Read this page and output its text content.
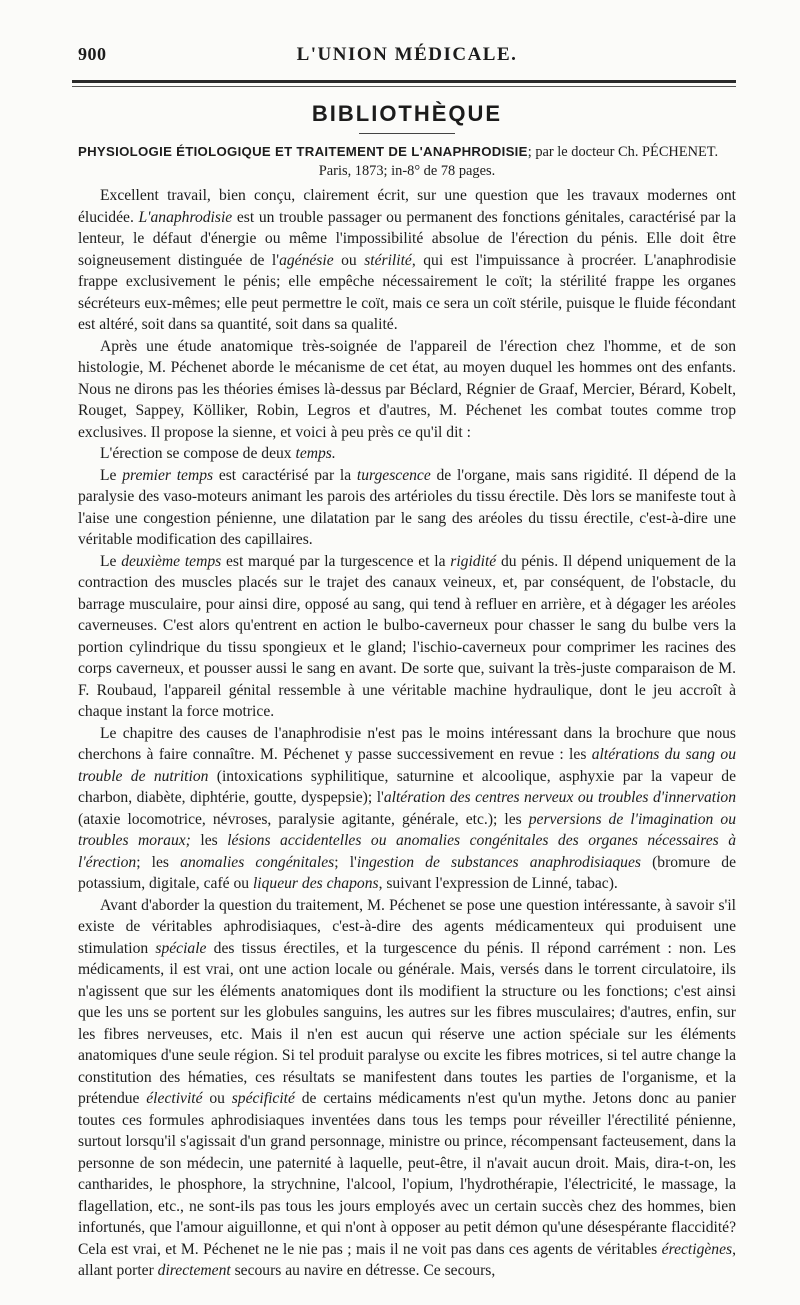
900	L'UNION MÉDICALE.
BIBLIOTHÈQUE
PHYSIOLOGIE ÉTIOLOGIQUE ET TRAITEMENT DE L'ANAPHRODISIE; par le docteur Ch. PÉCHENET.
Paris, 1873; in-8° de 78 pages.

Excellent travail, bien conçu, clairement écrit, sur une question que les travaux modernes ont élucidée. L'anaphrodisie est un trouble passager ou permanent des fonctions génitales, caractérisé par la lenteur, le défaut d'énergie ou même l'impossibilité absolue de l'érection du pénis. Elle doit être soigneusement distinguée de l'agénésie ou stérilité, qui est l'impuissance à procréer. L'anaphrodisie frappe exclusivement le pénis; elle empêche nécessairement le coït; la stérilité frappe les organes sécréteurs eux-mêmes; elle peut permettre le coït, mais ce sera un coït stérile, puisque le fluide fécondant est altéré, soit dans sa quantité, soit dans sa qualité.

Après une étude anatomique très-soignée de l'appareil de l'érection chez l'homme, et de son histologie, M. Péchenet aborde le mécanisme de cet état, au moyen duquel les hommes ont des enfants. Nous ne dirons pas les théories émises là-dessus par Béclard, Régnier de Graaf, Mercier, Bérard, Kobelt, Rouget, Sappey, Kölliker, Robin, Legros et d'autres, M. Péchenet les combat toutes comme trop exclusives. Il propose la sienne, et voici à peu près ce qu'il dit :

L'érection se compose de deux temps.

Le premier temps est caractérisé par la turgescence de l'organe, mais sans rigidité. Il dépend de la paralysie des vaso-moteurs animant les parois des artérioles du tissu érectile. Dès lors se manifeste tout à l'aise une congestion pénienne, une dilatation par le sang des aréoles du tissu érectile, c'est-à-dire une véritable modification des capillaires.

Le deuxième temps est marqué par la turgescence et la rigidité du pénis. Il dépend uniquement de la contraction des muscles placés sur le trajet des canaux veineux, et, par conséquent, de l'obstacle, du barrage musculaire, pour ainsi dire, opposé au sang, qui tend à refluer en arrière, et à dégager les aréoles caverneuses. C'est alors qu'entrent en action le bulbo-caverneux pour chasser le sang du bulbe vers la portion cylindrique du tissu spongieux et le gland; l'ischio-caverneux pour comprimer les racines des corps caverneux, et pousser aussi le sang en avant. De sorte que, suivant la très-juste comparaison de M. F. Roubaud, l'appareil génital ressemble à une véritable machine hydraulique, dont le jeu accroît à chaque instant la force motrice.

Le chapitre des causes de l'anaphrodisie n'est pas le moins intéressant dans la brochure que nous cherchons à faire connaître. M. Péchenet y passe successivement en revue : les altérations du sang ou trouble de nutrition (intoxications syphilitique, saturnine et alcoolique, asphyxie par la vapeur de charbon, diabète, diphtérie, goutte, dyspepsie); l'altération des centres nerveux ou troubles d'innervation (ataxie locomotrice, névroses, paralysie agitante, générale, etc.); les perversions de l'imagination ou troubles moraux; les lésions accidentelles ou anomalies congénitales des organes nécessaires à l'érection; les anomalies congénitales; l'ingestion de substances anaphrodisiaques (bromure de potassium, digitale, café ou liqueur des chapons, suivant l'expression de Linné, tabac).

Avant d'aborder la question du traitement, M. Péchenet se pose une question intéressante, à savoir s'il existe de véritables aphrodisiaques, c'est-à-dire des agents médicamenteux qui produisent une stimulation spéciale des tissus érectiles, et la turgescence du pénis. Il répond carrément : non. Les médicaments, il est vrai, ont une action locale ou générale. Mais, versés dans le torrent circulatoire, ils n'agissent que sur les éléments anatomiques dont ils modifient la structure ou les fonctions; c'est ainsi que les uns se portent sur les globules sanguins, les autres sur les fibres musculaires; d'autres, enfin, sur les fibres nerveuses, etc. Mais il n'en est aucun qui réserve une action spéciale sur les éléments anatomiques d'une seule région. Si tel produit paralyse ou excite les fibres motrices, si tel autre change la constitution des hématies, ces résultats se manifestent dans toutes les parties de l'organisme, et la prétendue électivité ou spécificité de certains médicaments n'est qu'un mythe. Jetons donc au panier toutes ces formules aphrodisiaques inventées dans tous les temps pour réveiller l'érectilité pénienne, surtout lorsqu'il s'agissait d'un grand personnage, ministre ou prince, récompensant facteusement, dans la personne de son médecin, une paternité à laquelle, peut-être, il n'avait aucun droit. Mais, dira-t-on, les cantharides, le phosphore, la strychnine, l'alcool, l'opium, l'hydrothérapie, l'électricité, le massage, la flagellation, etc., ne sont-ils pas tous les jours employés avec un certain succès chez des hommes, bien infortunés, que l'amour aiguillonne, et qui n'ont à opposer au petit démon qu'une désespérante flaccidité? Cela est vrai, et M. Péchenet ne le nie pas ; mais il ne voit pas dans ces agents de véritables érectigènes, allant porter directement secours au navire en détresse. Ce secours,
